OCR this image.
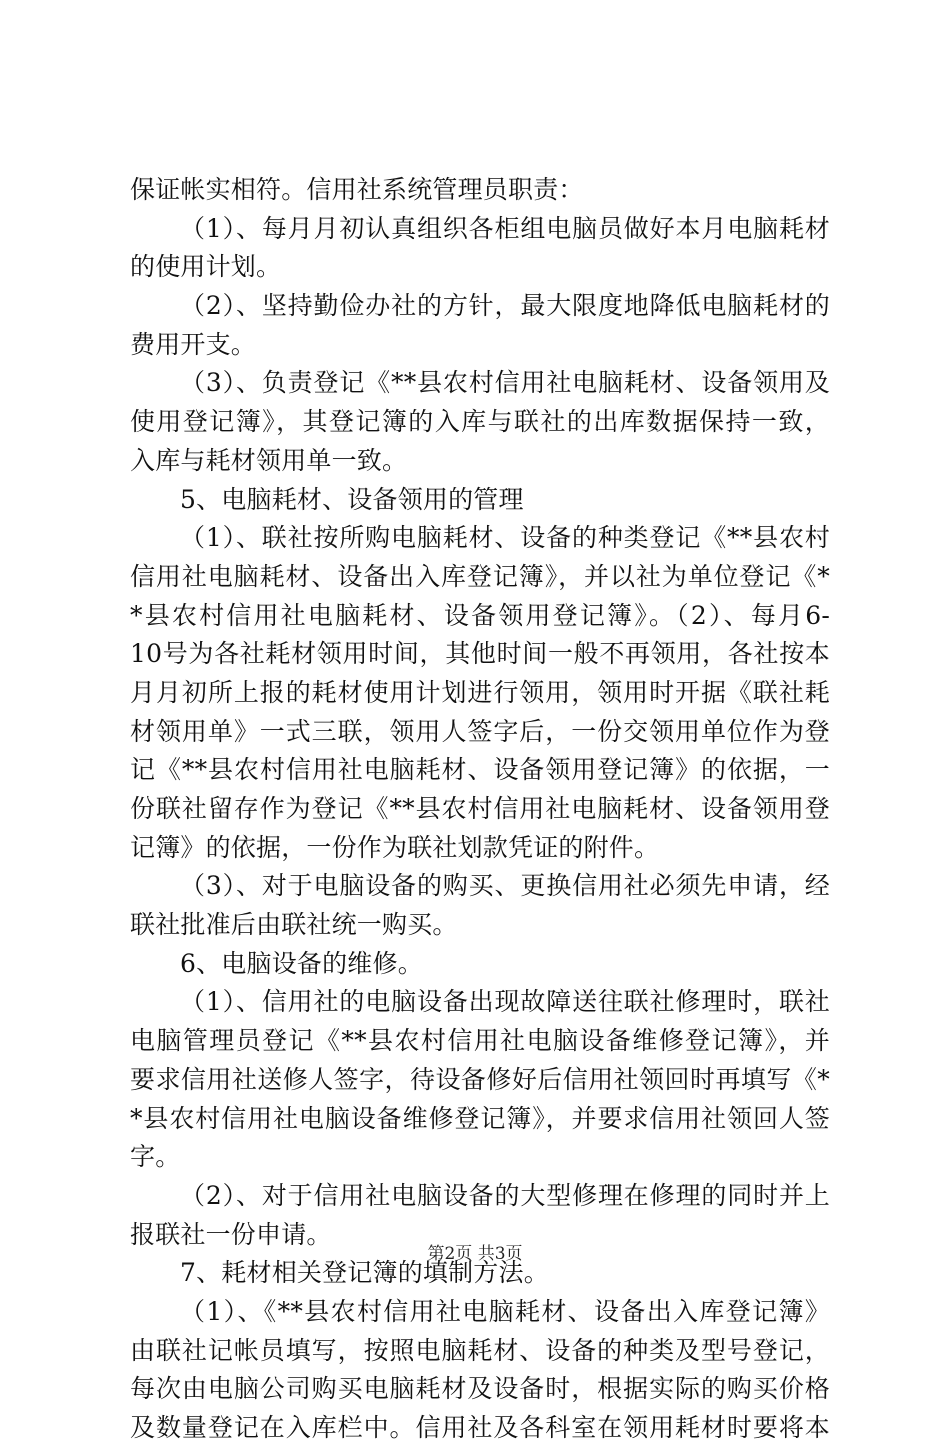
保证帐实相符。信用社系统管理员职责：
（1）、每月月初认真组织各柜组电脑员做好本月电脑耗材
的使用计划。
（2）、坚持勤俭办社的方针，最大限度地降低电脑耗材的
费用开支。
（3）、负责登记《**县农村信用社电脑耗材、设备领用及
使用登记簿》，其登记簿的入库与联社的出库数据保持一致，
入库与耗材领用单一致。
5、电脑耗材、设备领用的管理
（1）、联社按所购电脑耗材、设备的种类登记《**县农村
信用社电脑耗材、设备出入库登记簿》，并以社为单位登记《*
*县农村信用社电脑耗材、设备领用登记簿》。（2）、每月6-
10号为各社耗材领用时间，其他时间一般不再领用，各社按本
月月初所上报的耗材使用计划进行领用，领用时开据《联社耗
材领用单》一式三联，领用人签字后，一份交领用单位作为登
记《**县农村信用社电脑耗材、设备领用登记簿》的依据，一
份联社留存作为登记《**县农村信用社电脑耗材、设备领用登
记簿》的依据，一份作为联社划款凭证的附件。
（3）、对于电脑设备的购买、更换信用社必须先申请，经
联社批准后由联社统一购买。
6、电脑设备的维修。
（1）、信用社的电脑设备出现故障送往联社修理时，联社
电脑管理员登记《**县农村信用社电脑设备维修登记簿》，并
要求信用社送修人签字，待设备修好后信用社领回时再填写《*
*县农村信用社电脑设备维修登记簿》，并要求信用社领回人签
字。
（2）、对于信用社电脑设备的大型修理在修理的同时并上
报联社一份申请。
7、耗材相关登记簿的填制方法。
（1）、《**县农村信用社电脑耗材、设备出入库登记簿》
由联社记帐员填写，按照电脑耗材、设备的种类及型号登记，
每次由电脑公司购买电脑耗材及设备时，根据实际的购买价格
及数量登记在入库栏中。信用社及各科室在领用耗材时要将本
第2页 共3页
